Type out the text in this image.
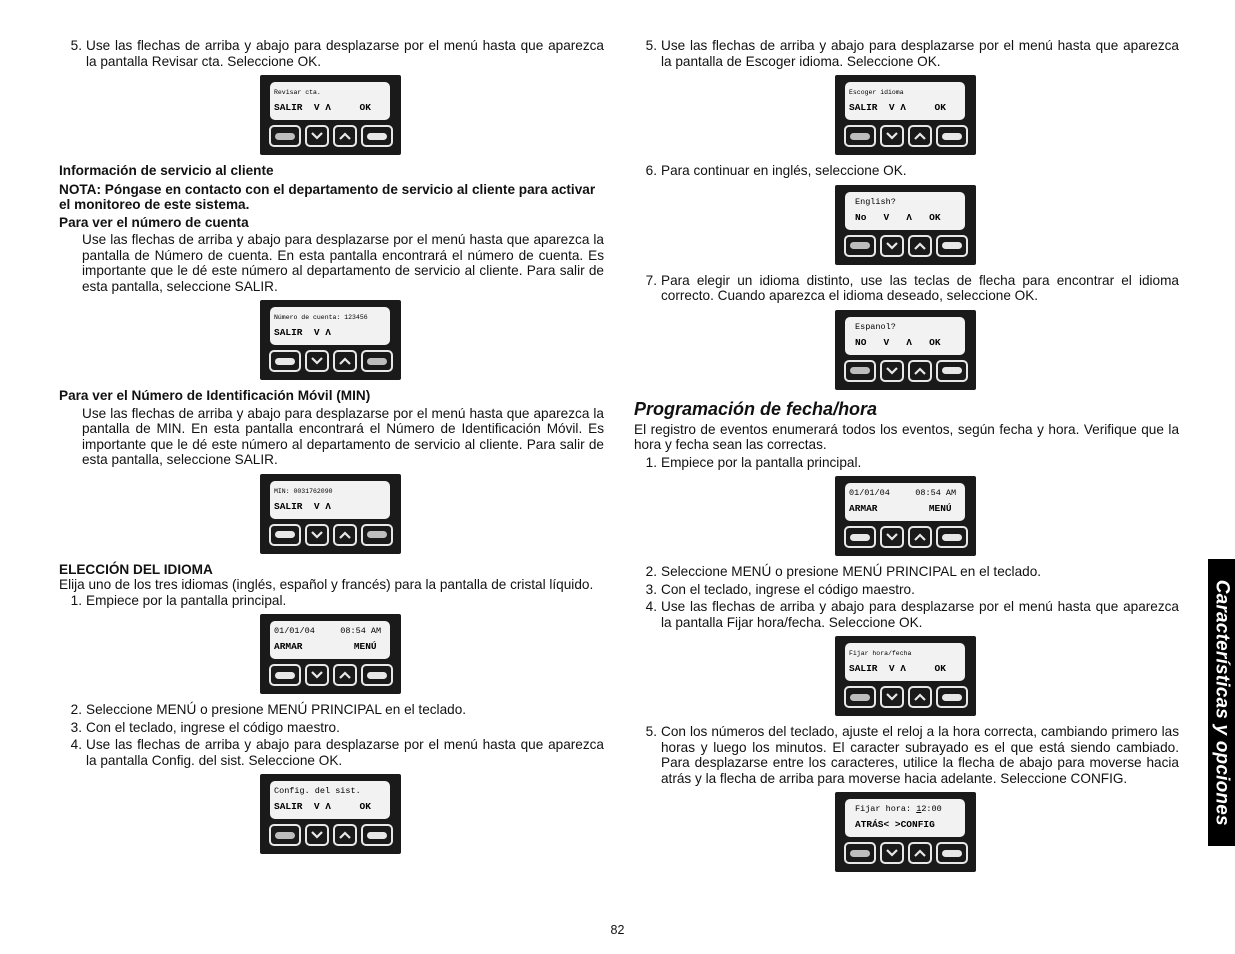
5. Use las flechas de arriba y abajo para desplazarse por el menú hasta que aparezca la pantalla Revisar cta. Seleccione OK.
Revisar cta.
SALIR  V Λ     OK

Información de servicio al cliente

NOTA: Póngase en contacto con el departamento de servicio al cliente para activar el monitoreo de este sistema.

Para ver el número de cuenta

Use las flechas de arriba y abajo para desplazarse por el menú hasta que aparezca la pantalla de Número de cuenta. En esta pantalla encontrará el número de cuenta. Es importante que le dé este número al departamento de servicio al cliente. Para salir de esta pantalla, seleccione SALIR.

Número de cuenta: 123456
SALIR  V Λ

Para ver el Número de Identificación Móvil (MIN)

Use las flechas de arriba y abajo para desplazarse por el menú hasta que aparezca la pantalla de MIN. En esta pantalla encontrará el Número de Identificación Móvil. Es importante que le dé este número al departamento de servicio al cliente. Para salir de esta pantalla, seleccione SALIR.

MIN: 0031762090
SALIR  V Λ

ELECCIÓN DEL IDIOMA

Elija uno de los tres idiomas (inglés, español y francés) para la pantalla de cristal líquido.

1. Empiece por la pantalla principal.
01/01/04     08:54 AM
ARMAR         MENÚ
2. Seleccione MENÚ o presione MENÚ PRINCIPAL en el teclado.
3. Con el teclado, ingrese el código maestro.
4. Use las flechas de arriba y abajo para desplazarse por el menú hasta que aparezca la pantalla Config. del sist. Seleccione OK.
Config. del sist.
SALIR  V Λ     OK
5. Use las flechas de arriba y abajo para desplazarse por el menú hasta que aparezca la pantalla de Escoger idioma. Seleccione OK.
Escoger idioma
SALIR  V Λ     OK
6. Para continuar en inglés, seleccione OK.
English?
No   V   Λ   OK
7. Para elegir un idioma distinto, use las teclas de flecha para encontrar el idioma correcto. Cuando aparezca el idioma deseado, seleccione OK.
Espanol?
NO   V   Λ   OK
Programación de fecha/hora

El registro de eventos enumerará todos los eventos, según fecha y hora. Verifique que la hora y fecha sean las correctas.

1. Empiece por la pantalla principal.
01/01/04     08:54 AM
ARMAR         MENÚ
2. Seleccione MENÚ o presione MENÚ PRINCIPAL en el teclado.
3. Con el teclado, ingrese el código maestro.
4. Use las flechas de arriba y abajo para desplazarse por el menú hasta que aparezca la pantalla Fijar hora/fecha. Seleccione OK.
Fijar hora/fecha
SALIR  V Λ     OK
5. Con los números del teclado, ajuste el reloj a la hora correcta, cambiando primero las horas y luego los minutos. El caracter subrayado es el que está siendo cambiado. Para desplazarse entre los caracteres, utilice la flecha de abajo para moverse hacia atrás y la flecha de arriba para moverse hacia adelante. Seleccione CONFIG.
Fijar hora: 12:00
ATRÁS< >CONFIG	Características y opciones
82
